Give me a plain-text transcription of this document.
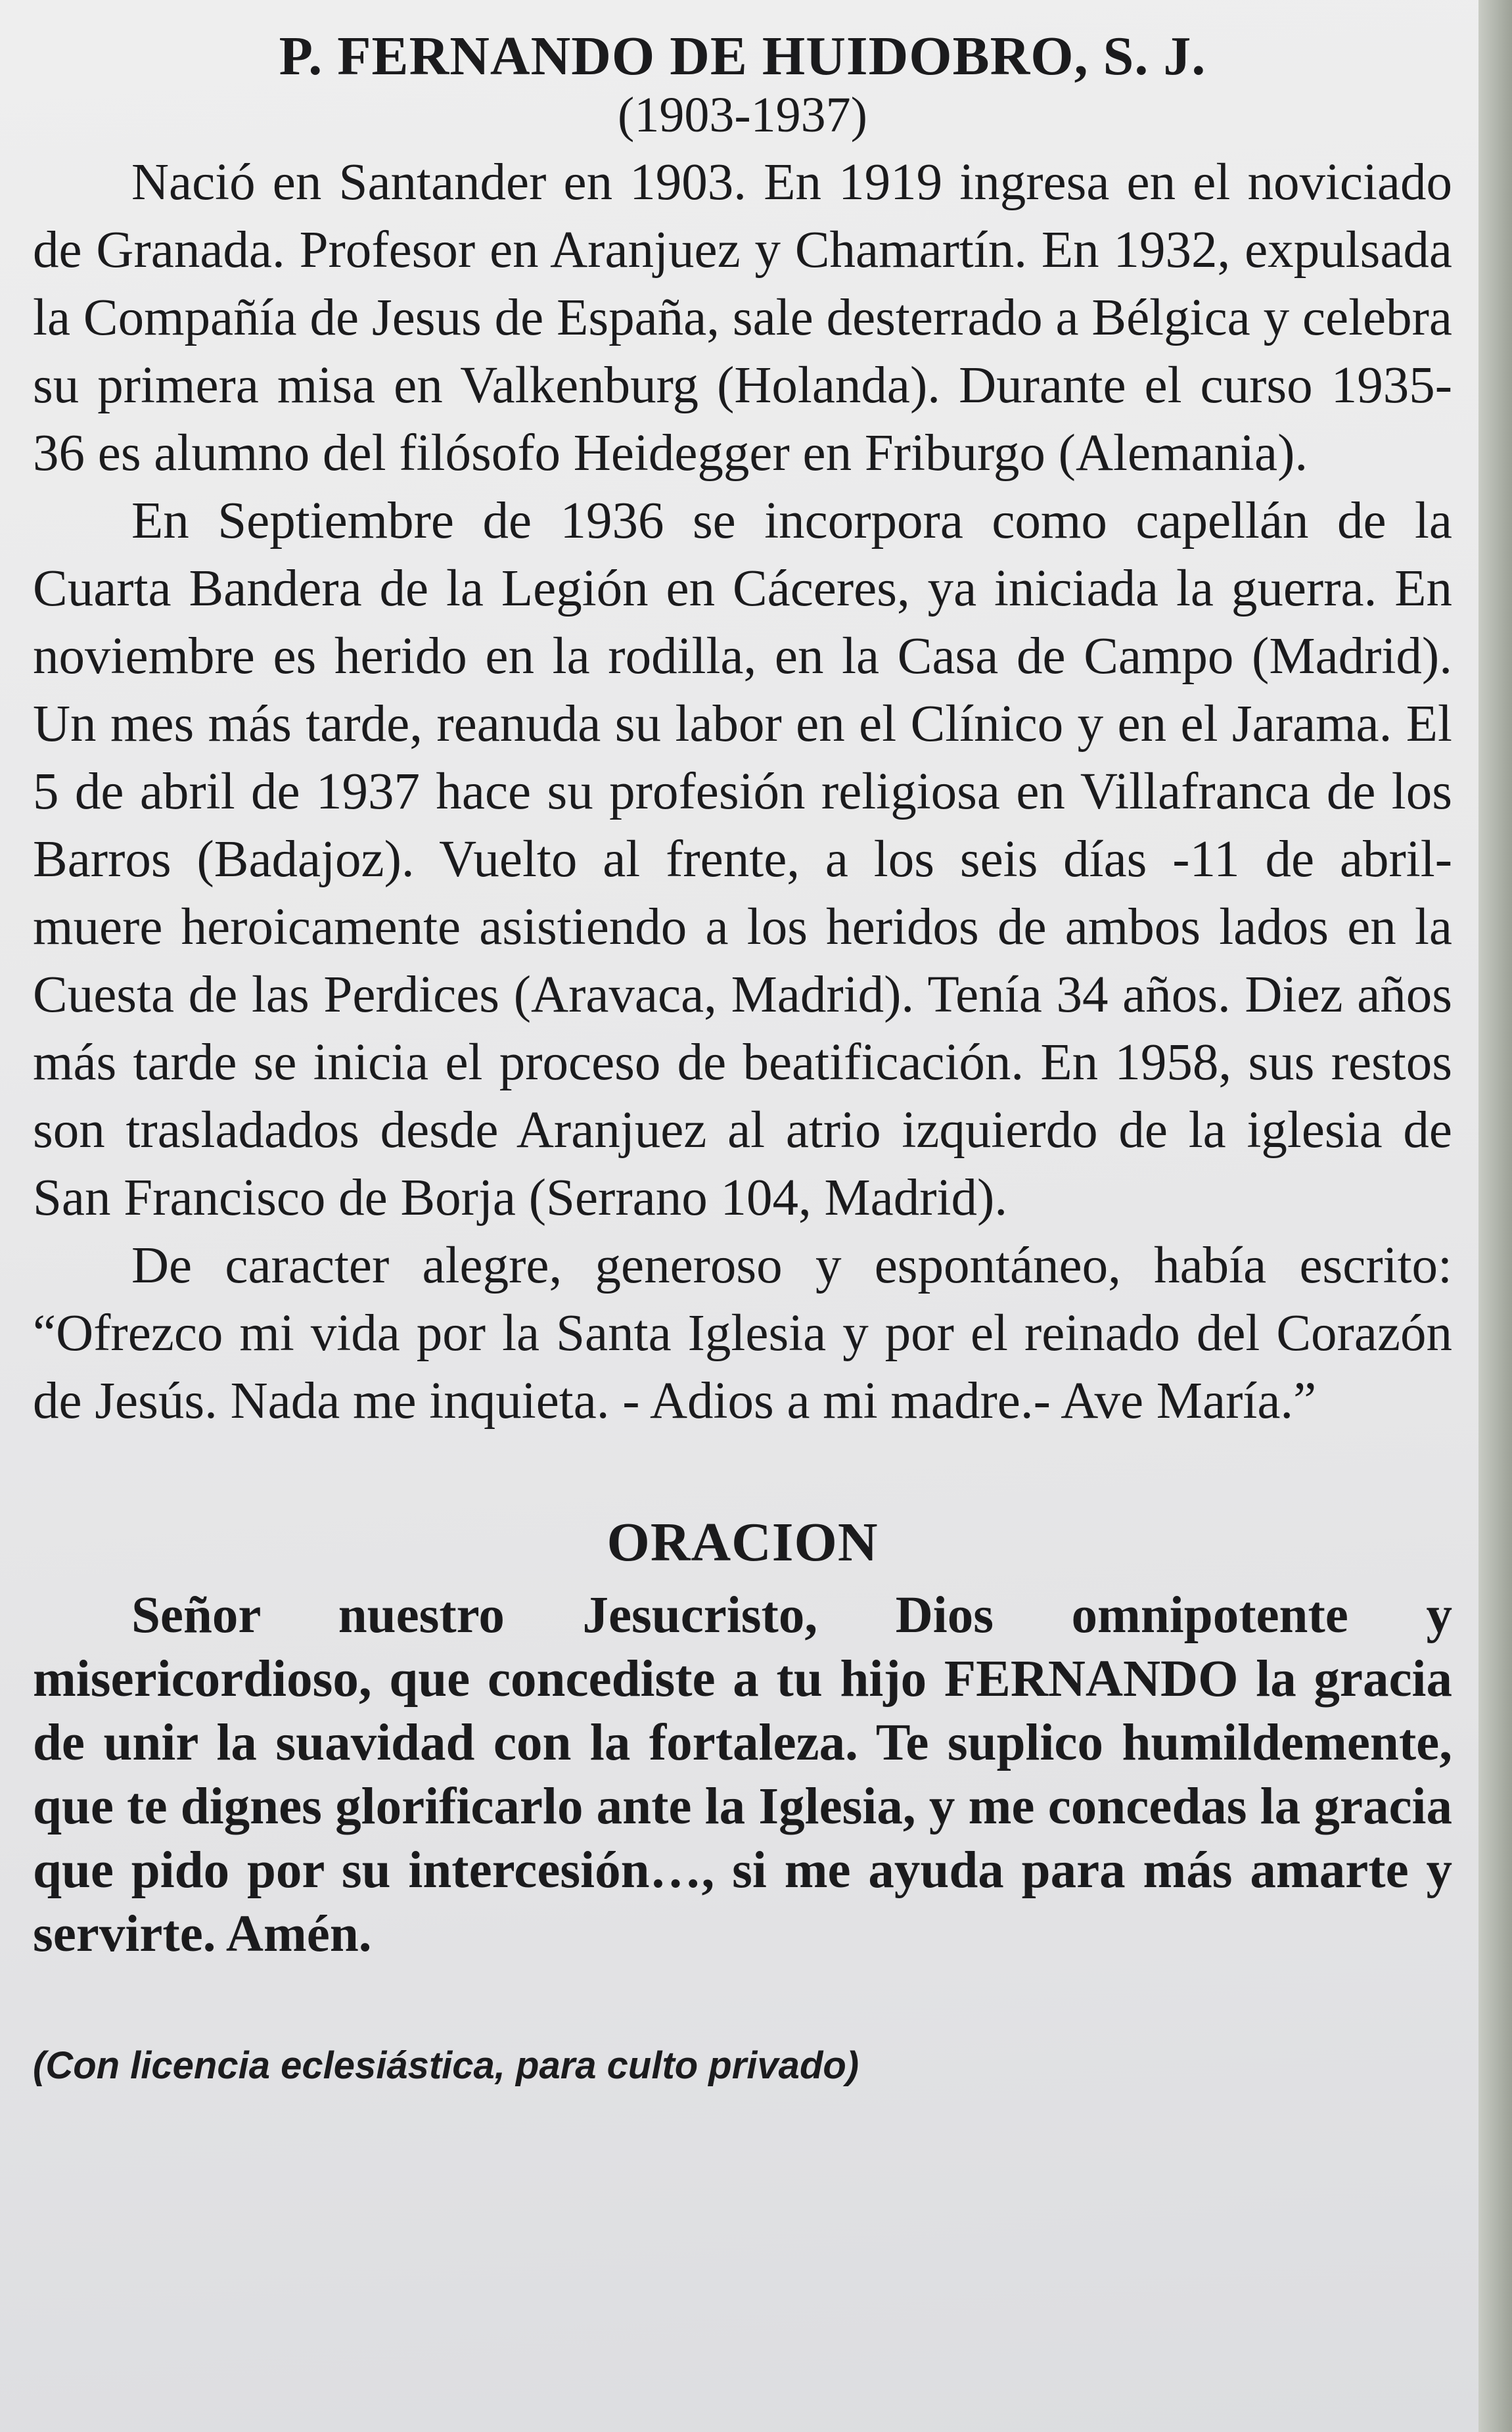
P. FERNANDO DE HUIDOBRO, S. J.
(1903-1937)

Nació en Santander en 1903. En 1919 ingresa en el noviciado de Granada. Profesor en Aranjuez y Chamartín. En 1932, expulsada la Compañía de Jesus de España, sale desterrado a Bélgica y celebra su primera misa en Valkenburg (Holanda). Durante el curso 1935-36 es alumno del filósofo Heidegger en Friburgo (Alemania).

En Septiembre de 1936 se incorpora como capellán de la Cuarta Bandera de la Legión en Cáceres, ya iniciada la guerra. En noviembre es herido en la rodilla, en la Casa de Campo (Madrid). Un mes más tarde, reanuda su labor en el Clínico y en el Jarama. El 5 de abril de 1937 hace su profesión religiosa en Villafranca de los Barros (Badajoz). Vuelto al frente, a los seis días -11 de abril- muere heroicamente asistiendo a los heridos de ambos lados en la Cuesta de las Perdices (Aravaca, Madrid). Tenía 34 años. Diez años más tarde se inicia el proceso de beatificación. En 1958, sus restos son trasladados desde Aranjuez al atrio izquierdo de la iglesia de San Francisco de Borja (Serrano 104, Madrid).

De caracter alegre, generoso y espontáneo, había escrito: “Ofrezco mi vida por la Santa Iglesia y por el reinado del Corazón de Jesús. Nada me inquieta. - Adios a mi madre.- Ave María.”

ORACION

Señor nuestro Jesucristo, Dios omnipotente y misericordioso, que concediste a tu hijo FERNANDO la gracia de unir la suavidad con la fortaleza. Te suplico humildemente, que te dignes glorificarlo ante la Iglesia, y me concedas la gracia que pido por su intercesión…, si me ayuda para más amarte y servirte. Amén.

(Con licencia eclesiástica, para culto privado)
